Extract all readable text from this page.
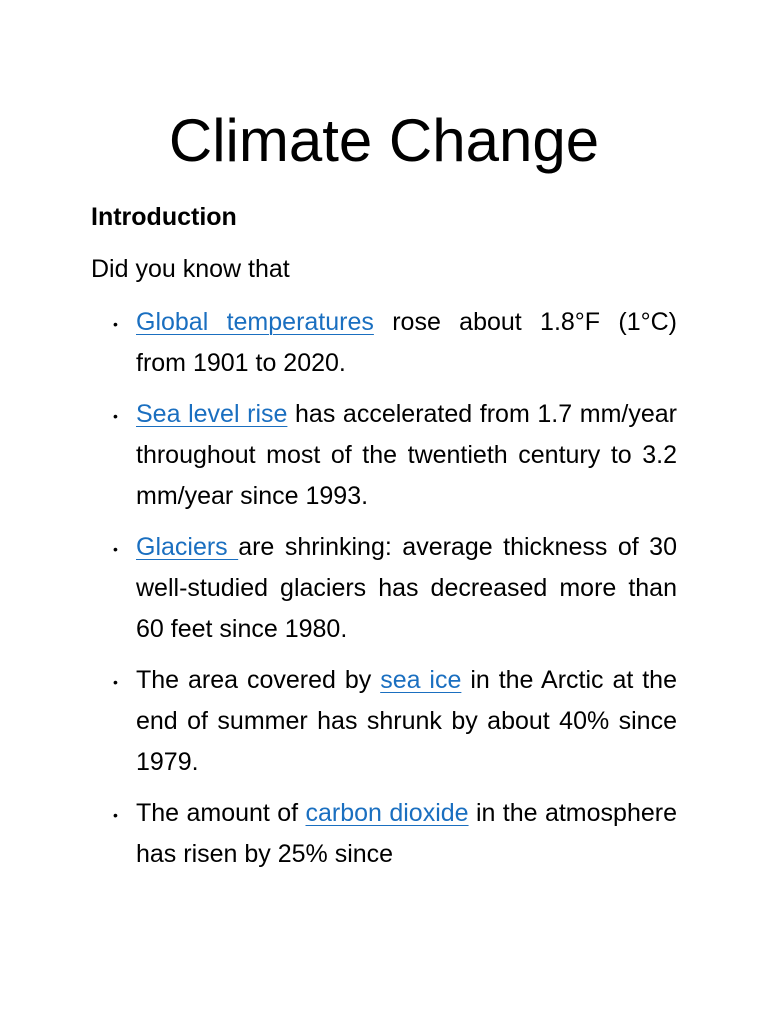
Climate Change
Introduction

Did you know that

• Global temperatures rose about 1.8°F (1°C) from 1901 to 2020.
• Sea level rise has accelerated from 1.7 mm/year throughout most of the twentieth century to 3.2 mm/year since 1993.
• Glaciers are shrinking: average thickness of 30 well-studied glaciers has decreased more than 60 feet since 1980.
• The area covered by sea ice in the Arctic at the end of summer has shrunk by about 40% since 1979.
• The amount of carbon dioxide in the atmosphere has risen by 25% since
